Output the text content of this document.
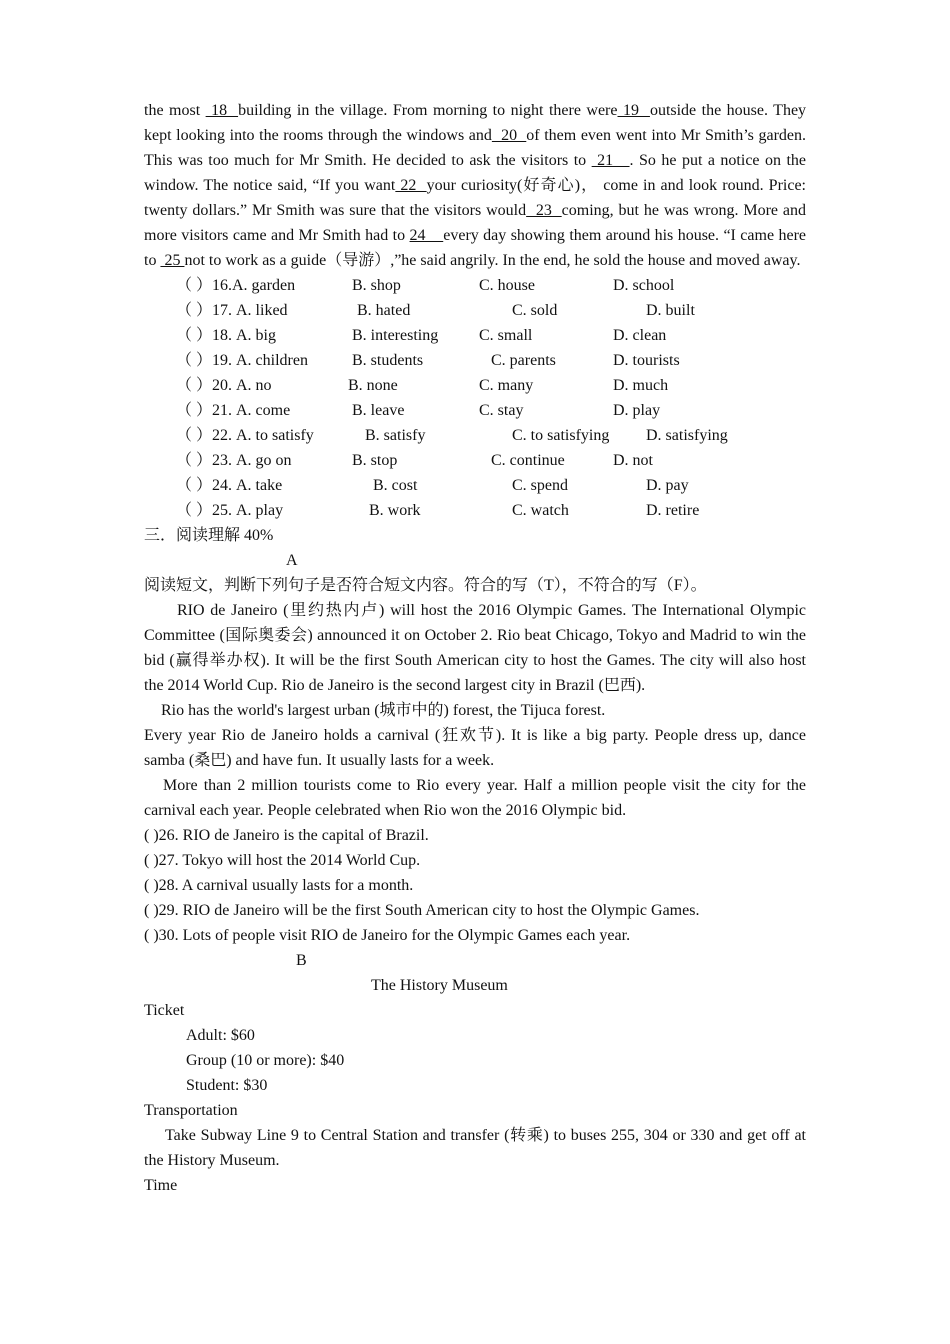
the most  18  building in the village. From morning to night there were 19  outside the house. They kept looking into the rooms through the windows and  20  of them even went into Mr Smith’s garden. This was too much for Mr Smith. He decided to ask the visitors to  21   . So he put a notice on the window. The notice said, “If you want 22  your curiosity(好奇心)， come in and look round. Price: twenty dollars.” Mr Smith was sure that the visitors would  23  coming, but he was wrong. More and more visitors came and Mr Smith had to 24    every day showing them around his house. “I came here to  25 not to work as a guide（导游）,”he said angrily. In the end, he sold the house and moved away.

（ ）16.A. garden	B. shop	C. house	D. school
（ ）17. A. liked	B. hated	C. sold	D. built
（ ）18. A. big	B. interesting	C. small	D. clean
（ ）19. A. children	B. students	C. parents	D. tourists
（ ）20. A. no	B. none	C. many	D. much
（ ）21. A. come	B. leave	C. stay	D. play
（ ）22. A. to satisfy	B. satisfy	C. to satisfying D. satisfying
（ ）23. A. go on	B. stop	C. continue	D. not
（ ）24. A. take	B. cost	C. spend	D. pay
（ ）25. A. play	B. work	C. watch	D. retire

三．阅读理解 40%

A

阅读短文，判断下列句子是否符合短文内容。符合的写（T），不符合的写（F）。

RIO de Janeiro (里约热内卢) will host the 2016 Olympic Games. The International Olympic Committee (国际奥委会) announced it on October 2. Rio beat Chicago, Tokyo and Madrid to win the bid (赢得举办权). It will be the first South American city to host the Games. The city will also host the 2014 World Cup. Rio de Janeiro is the second largest city in Brazil (巴西).

Rio has the world's largest urban (城市中的) forest, the Tijuca forest.

Every year Rio de Janeiro holds a carnival (狂欢节). It is like a big party. People dress up, dance samba (桑巴) and have fun. It usually lasts for a week.

More than 2 million tourists come to Rio every year. Half a million people visit the city for the carnival each year. People celebrated when Rio won the 2016 Olympic bid.

( )26. RIO de Janeiro is the capital of Brazil.

( )27. Tokyo will host the 2014 World Cup.

( )28. A carnival usually lasts for a month.

( )29. RIO de Janeiro will be the first South American city to host the Olympic Games.

( )30. Lots of people visit RIO de Janeiro for the Olympic Games each year.

B

The History Museum

Ticket

Adult: $60

Group (10 or more): $40

Student: $30

Transportation

Take Subway Line 9 to Central Station and transfer (转乘) to buses 255, 304 or 330 and get off at the History Museum.

Time
